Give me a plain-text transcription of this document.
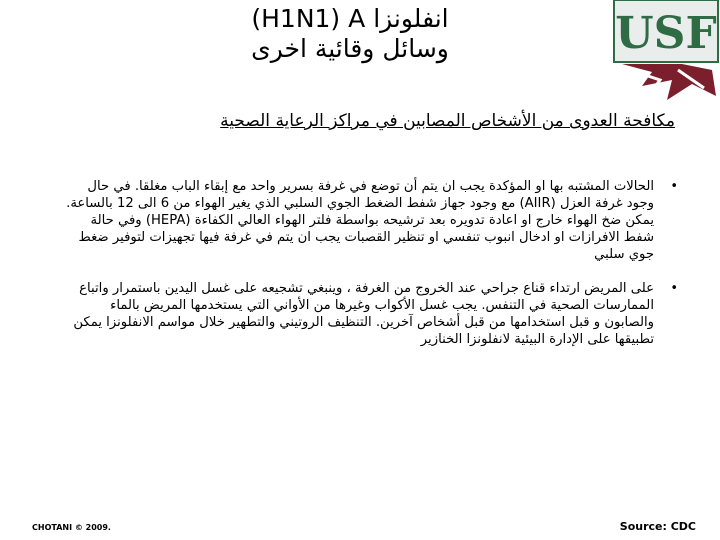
(H1N1) A انفلونزا
وسائل وقائية اخرى	USF
مكافحة العدوى من الأشخاص المصابين في مراكز الرعاية الصحية
•
الحالات المشتبه بها او المؤكدة يجب ان يتم أن توضع في غرفة بسرير واحد مع إبقاء الباب مغلقا. في حال وجود غرفة العزل (AIIR) مع وجود جهاز شفط الضغط الجوي السلبي الذي يغير الهواء من 6 الى 12 بالساعة. يمكن ضخ الهواء خارج او اعادة تدويره بعد ترشيحه بواسطة فلتر الهواء العالي الكفاءة (HEPA) وفي حالة شفط الافرازات او ادخال انبوب تنفسي او تنظير القصبات يجب ان يتم في غرفة فيها تجهيزات لتوفير ضغط جوي سلبي
•
على المريض ارتداء قناع جراحي عند الخروج من الغرفة ، وينبغي تشجيعه على غسل اليدين باستمرار واتباع الممارسات الصحية في التنفس. يجب غسل الأكواب وغيرها من الأواني التي يستخدمها المريض بالماء والصابون و قبل استخدامها من قبل أشخاص آخرين. التنظيف الروتيني والتطهير خلال مواسم الانفلونزا يمكن تطبيقها على الإدارة البيئية لانفلونزا الخنازير
CHOTANI © 2009.	Source: CDC
